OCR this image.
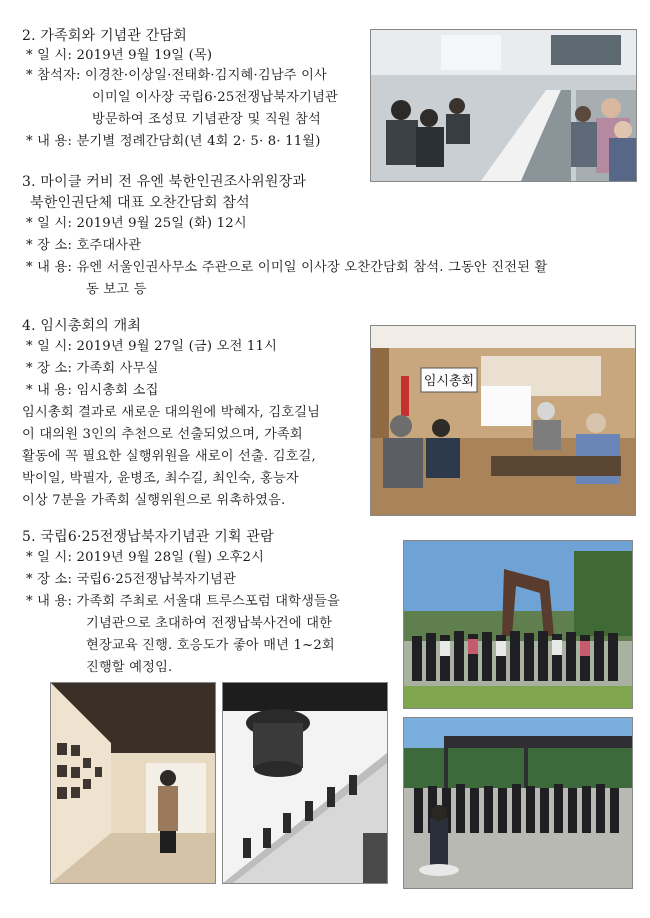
2. 가족회와 기념관 간담회
* 일 시: 2019년 9월 19일 (목)
* 참석자: 이경찬·이상일·전태화·김지혜·김남주 이사
이미일 이사장 국립6·25전쟁납북자기념관
방문하여 조성묘 기념관장 및 직원 참석
* 내 용: 분기별 정례간담회(년 4회 2· 5· 8· 11월)
3. 마이클 커비 전 유엔 북한인권조사위원장과
북한인권단체 대표 오찬간담회 참석
* 일 시: 2019년 9월 25일 (화) 12시
* 장 소: 호주대사관
* 내 용: 유엔 서울인권사무소 주관으로 이미일 이사장 오찬간담회 참석. 그동안 진전된 활
동 보고 등
4. 임시총회의 개최
* 일 시: 2019년 9월 27일 (금) 오전 11시
* 장 소: 가족회 사무실
* 내 용: 임시총회 소집
임시총회 결과로 새로운 대의원에 박혜자, 김호길님
이 대의원 3인의 추천으로 선출되었으며, 가족회
활동에 꼭 필요한 실행위원을 새로이 선출. 김호길,
박이일, 박필자, 윤병조, 최수길, 최인숙, 홍능자
이상 7분을 가족회 실행위원으로 위촉하였음.
임시총회
5. 국립6·25전쟁납북자기념관 기획 관람
* 일 시: 2019년 9월 28일 (월) 오후2시
* 장 소: 국립6·25전쟁납북자기념관
* 내 용: 가족회 주최로 서울대 트루스포럼 대학생들을
기념관으로 초대하여 전쟁납북사건에 대한
현장교육 진행. 호응도가 좋아 매년 1~2회
진행할 예정임.
